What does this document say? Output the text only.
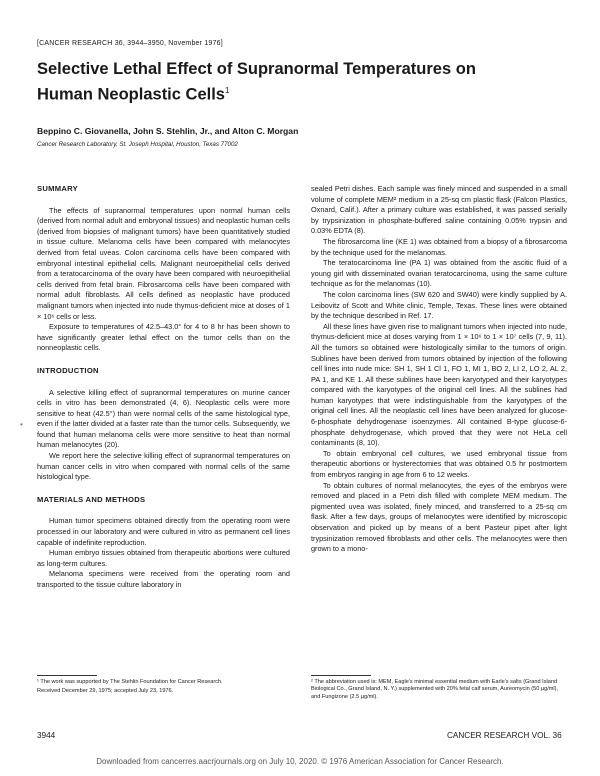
[CANCER RESEARCH 36, 3944–3950, November 1976]
Selective Lethal Effect of Supranormal Temperatures on Human Neoplastic Cells$^1$
Beppino C. Giovanella, John S. Stehlin, Jr., and Alton C. Morgan
Cancer Research Laboratory, St. Joseph Hospital, Houston, Texas 77002
SUMMARY

The effects of supranormal temperatures upon normal human cells (derived from normal adult and embryonal tissues) and neoplastic human cells (derived from biopsies of malignant tumors) have been quantitatively studied in tissue culture. Melanoma cells have been compared with melanocytes derived from fetal uveas. Colon carcinoma cells have been compared with embryonal intestinal epithelial cells. Malignant neuroepithelial cells derived from a teratocarcinoma of the ovary have been compared with neuroepithelial cells derived from fetal brain. Fibrosarcoma cells have been compared with normal adult fibroblasts. All cells defined as neoplastic have produced malignant tumors when injected into nude thymus-deficient mice at doses of 1 × 10⁶ cells or less.

Exposure to temperatures of 42.5–43.0° for 4 to 8 hr has been shown to have significantly greater lethal effect on the tumor cells than on the nonneoplastic cells.

INTRODUCTION

A selective killing effect of supranormal temperatures on murine cancer cells in vitro has been demonstrated (4, 6). Neoplastic cells were more sensitive to heat (42.5°) than were normal cells of the same histological type, even if the latter divided at a faster rate than the tumor cells. Subsequently, we found that human melanoma cells were more sensitive to heat than normal human melanocytes (20).

We report here the selective killing effect of supranormal temperatures on human cancer cells in vitro when compared with normal cells of the same histological type.

MATERIALS AND METHODS

Human tumor specimens obtained directly from the operating room were processed in our laboratory and were cultured in vitro as permanent cell lines capable of indefinite reproduction.

Human embryo tissues obtained from therapeutic abortions were cultured as long-term cultures.

Melanoma specimens were received from the operating room and transported to the tissue culture laboratory in

sealed Petri dishes. Each sample was finely minced and suspended in a small volume of complete MEM² medium in a 25-sq cm plastic flask (Falcon Plastics, Oxnard, Calif.). After a primary culture was established, it was passed serially by trypsinization in phosphate-buffered saline containing 0.05% trypsin and 0.03% EDTA (8).

The fibrosarcoma line (KE 1) was obtained from a biopsy of a fibrosarcoma by the technique used for the melanomas.

The teratocarcinoma line (PA 1) was obtained from the ascitic fluid of a young girl with disseminated ovarian teratocarcinoma, using the same culture technique as for the melanomas (10).

The colon carcinoma lines (SW 620 and SW40) were kindly supplied by A. Leibovitz of Scott and White clinic, Temple, Texas. These lines were obtained by the technique described in Ref. 17.

All these lines have given rise to malignant tumors when injected into nude, thymus-deficient mice at doses varying from 1 × 10⁶ to 1 × 10⁷ cells (7, 9, 11). All the tumors so obtained were histologically similar to the tumors of origin. Sublines have been derived from tumors obtained by injection of the following cell lines into nude mice: SH 1, SH 1 Cl 1, FO 1, MI 1, BO 2, LI 2, LO 2, AL 2, PA 1, and KE 1. All these sublines have been karyotyped and their karyotypes compared with the karyotypes of the original cell lines. All the sublines had human karyotypes that were indistinguishable from the karyotypes of the original cell lines. All the neoplastic cell lines have been analyzed for glucose-6-phosphate dehydrogenase isoenzymes. All contained B-type glucose-6-phosphate dehydrogenase, which proved that they were not HeLa cell contaminants (8, 10).

To obtain embryonal cell cultures, we used embryonal tissue from therapeutic abortions or hysterectomies that was obtained 0.5 hr postmortem from embryos ranging in age from 6 to 12 weeks.

To obtain cultures of normal melanocytes, the eyes of the embryos were removed and placed in a Petri dish filled with complete MEM medium. The pigmented uvea was isolated, finely minced, and transferred to a 25-sq cm flask. After a few days, groups of melanocytes were identified by microscopic observation and picked up by means of a bent Pasteur pipet after light trypsinization removed fibroblasts and other cells. The melanocytes were then grown to a mono-

¹ The work was supported by The Stehlin Foundation for Cancer Research.

Received December 29, 1975; accepted July 23, 1976.

² The abbreviation used is: MEM, Eagle's minimal essential medium with Earle's salts (Grand Island Biological Co., Grand Island, N. Y.) supplemented with 20% fetal calf serum, Aureomycin (50 µg/ml), and Fungizone (2.5 µg/ml).

3944	CANCER RESEARCH VOL. 36
Downloaded from cancerres.aacrjournals.org on July 10, 2020. © 1976 American Association for Cancer Research.
•
